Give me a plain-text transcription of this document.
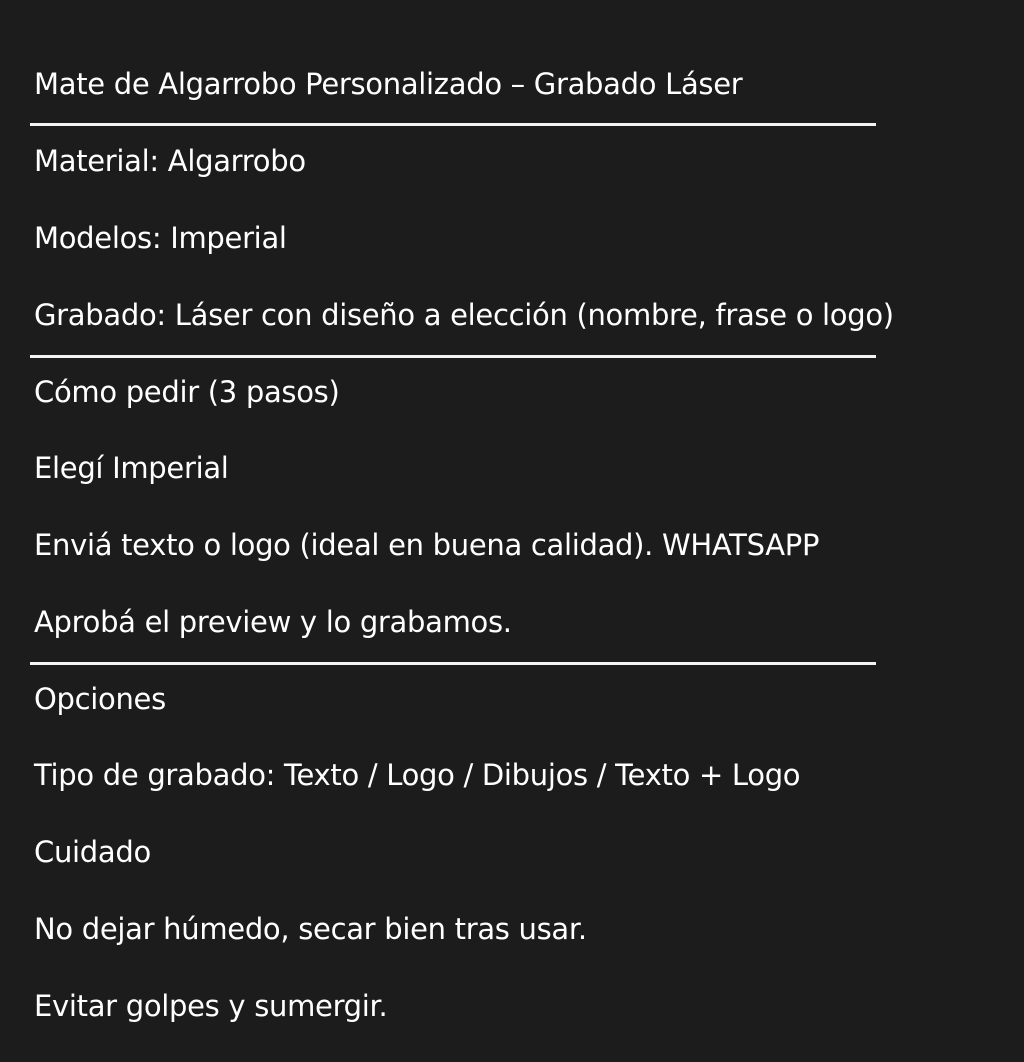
Mate de Algarrobo Personalizado – Grabado Láser
Material: Algarrobo
Modelos: Imperial
Grabado: Láser con diseño a elección (nombre, frase o logo)
Cómo pedir (3 pasos)
Elegí Imperial
Enviá texto o logo (ideal en buena calidad). WHATSAPP
Aprobá el preview y lo grabamos.
Opciones
Tipo de grabado: Texto / Logo / Dibujos / Texto + Logo
Cuidado
No dejar húmedo, secar bien tras usar.
Evitar golpes y sumergir.
